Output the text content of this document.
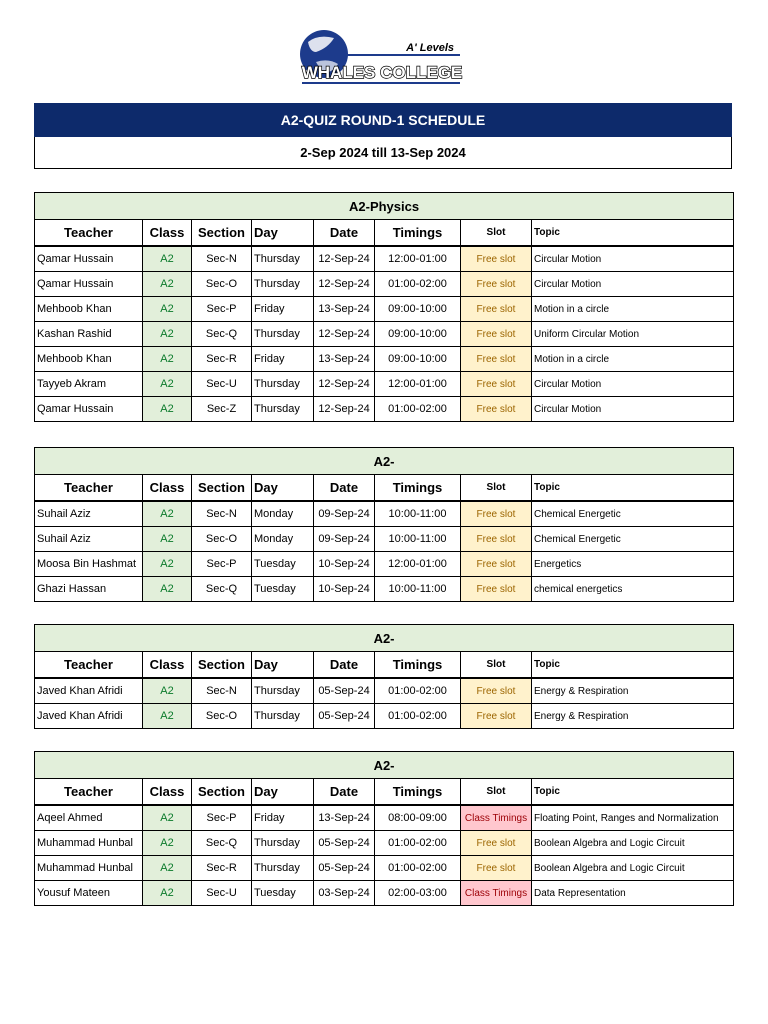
A' Levels
WHALES COLLEGE
A2-QUIZ ROUND-1 SCHEDULE
2-Sep 2024 till 13-Sep 2024
A2-Physics							
Teacher	Class	Section	Day	Date	Timings	Slot	Topic
Qamar Hussain	A2	Sec-N	Thursday	12-Sep-24	12:00-01:00	Free slot	Circular Motion
Qamar Hussain	A2	Sec-O	Thursday	12-Sep-24	01:00-02:00	Free slot	Circular Motion
Mehboob Khan	A2	Sec-P	Friday	13-Sep-24	09:00-10:00	Free slot	Motion in a circle
Kashan Rashid	A2	Sec-Q	Thursday	12-Sep-24	09:00-10:00	Free slot	Uniform Circular Motion
Mehboob Khan	A2	Sec-R	Friday	13-Sep-24	09:00-10:00	Free slot	Motion in a circle
Tayyeb Akram	A2	Sec-U	Thursday	12-Sep-24	12:00-01:00	Free slot	Circular Motion
Qamar Hussain	A2	Sec-Z	Thursday	12-Sep-24	01:00-02:00	Free slot	Circular Motion
A2-							
Teacher	Class	Section	Day	Date	Timings	Slot	Topic
Suhail Aziz	A2	Sec-N	Monday	09-Sep-24	10:00-11:00	Free slot	Chemical Energetic
Suhail Aziz	A2	Sec-O	Monday	09-Sep-24	10:00-11:00	Free slot	Chemical Energetic
Moosa Bin Hashmat	A2	Sec-P	Tuesday	10-Sep-24	12:00-01:00	Free slot	Energetics
Ghazi Hassan	A2	Sec-Q	Tuesday	10-Sep-24	10:00-11:00	Free slot	chemical energetics
A2-							
Teacher	Class	Section	Day	Date	Timings	Slot	Topic
Javed Khan Afridi	A2	Sec-N	Thursday	05-Sep-24	01:00-02:00	Free slot	Energy & Respiration
Javed Khan Afridi	A2	Sec-O	Thursday	05-Sep-24	01:00-02:00	Free slot	Energy & Respiration
A2-							
Teacher	Class	Section	Day	Date	Timings	Slot	Topic
Aqeel Ahmed	A2	Sec-P	Friday	13-Sep-24	08:00-09:00	Class Timings	Floating Point, Ranges and Normalization
Muhammad Hunbal	A2	Sec-Q	Thursday	05-Sep-24	01:00-02:00	Free slot	Boolean Algebra and Logic Circuit
Muhammad Hunbal	A2	Sec-R	Thursday	05-Sep-24	01:00-02:00	Free slot	Boolean Algebra and Logic Circuit
Yousuf Mateen	A2	Sec-U	Tuesday	03-Sep-24	02:00-03:00	Class Timings	Data Representation
